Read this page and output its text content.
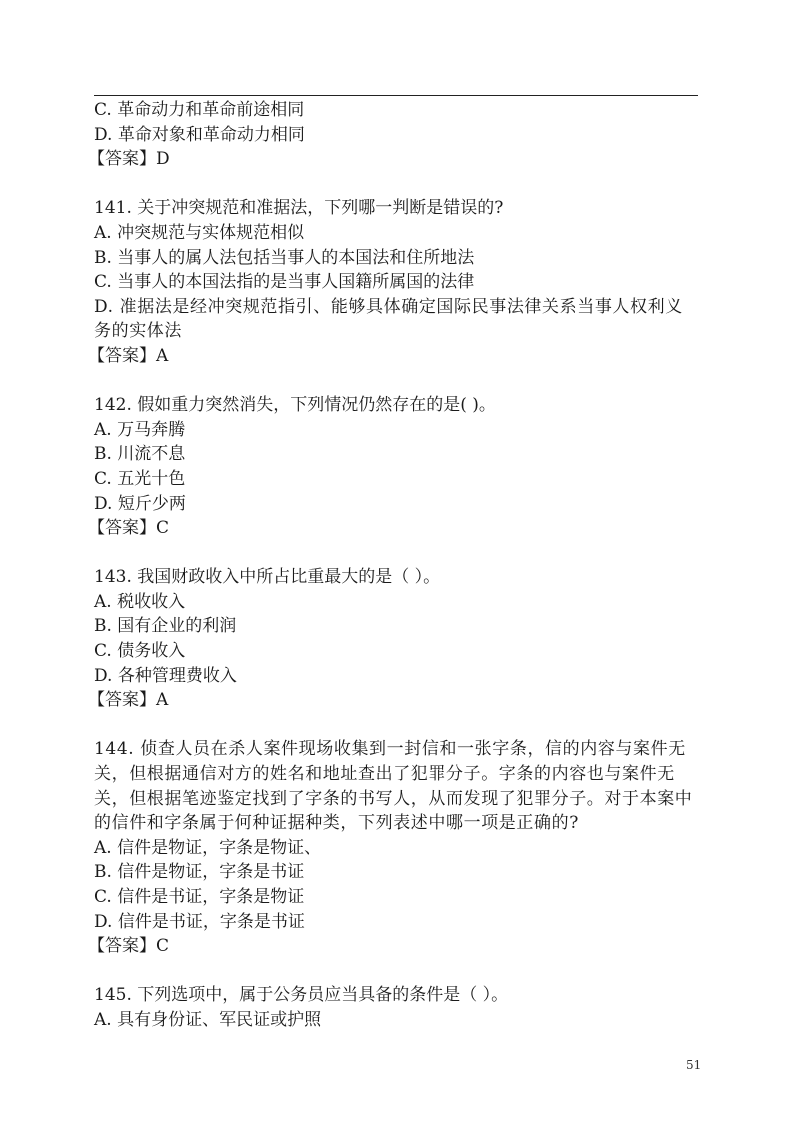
C. 革命动力和革命前途相同
D. 革命对象和革命动力相同
【答案】D
141. 关于冲突规范和准据法，下列哪一判断是错误的?
A. 冲突规范与实体规范相似
B. 当事人的属人法包括当事人的本国法和住所地法
C. 当事人的本国法指的是当事人国籍所属国的法律
D. 准据法是经冲突规范指引、能够具体确定国际民事法律关系当事人权利义务的实体法
【答案】A
142. 假如重力突然消失，下列情况仍然存在的是( )。
A. 万马奔腾
B. 川流不息
C. 五光十色
D. 短斤少两
【答案】C
143. 我国财政收入中所占比重最大的是（ ）。
A. 税收收入
B. 国有企业的利润
C. 债务收入
D. 各种管理费收入
【答案】A
144. 侦查人员在杀人案件现场收集到一封信和一张字条，信的内容与案件无关，但根据通信对方的姓名和地址查出了犯罪分子。字条的内容也与案件无关，但根据笔迹鉴定找到了字条的书写人，从而发现了犯罪分子。对于本案中的信件和字条属于何种证据种类，下列表述中哪一项是正确的?
A. 信件是物证，字条是物证、
B. 信件是物证，字条是书证
C. 信件是书证，字条是物证
D. 信件是书证，字条是书证
【答案】C
145. 下列选项中，属于公务员应当具备的条件是（ ）。
A. 具有身份证、军民证或护照
51
